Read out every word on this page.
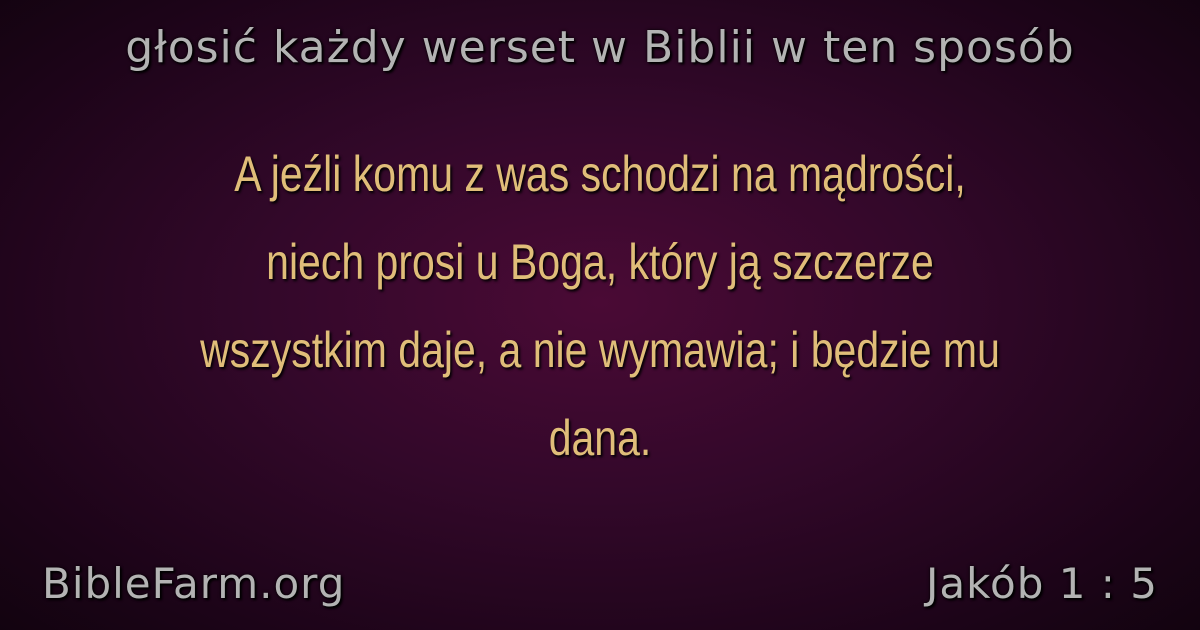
głosić każdy werset w Biblii w ten sposób
A jeźli komu z was schodzi na mądrości,
niech prosi u Boga, który ją szczerze
wszystkim daje, a nie wymawia; i będzie mu
dana.
BibleFarm.org	Jakób 1 : 5
